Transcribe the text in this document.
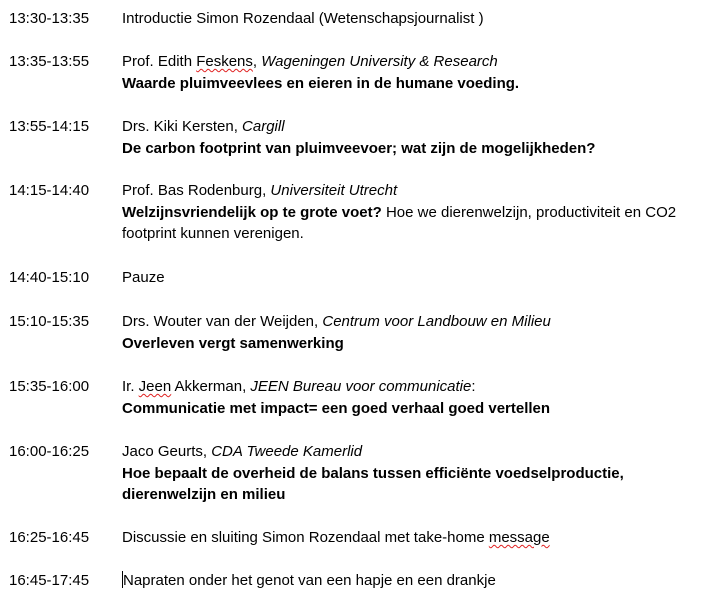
13:30-13:35 Introductie Simon Rozendaal (Wetenschapsjournalist )
13:35-13:55 Prof. Edith Feskens, Wageningen University & Research
Waarde pluimveevlees en eieren in de humane voeding.
13:55-14:15 Drs. Kiki Kersten, Cargill
De carbon footprint van pluimveevoer; wat zijn de mogelijkheden?
14:15-14:40 Prof. Bas Rodenburg, Universiteit Utrecht
Welzijnsvriendelijk op te grote voet? Hoe we dierenwelzijn, productiviteit en CO2
footprint kunnen verenigen.
14:40-15:10 Pauze
15:10-15:35 Drs. Wouter van der Weijden, Centrum voor Landbouw en Milieu
Overleven vergt samenwerking
15:35-16:00 Ir. Jeen Akkerman, JEEN Bureau voor communicatie:
Communicatie met impact= een goed verhaal goed vertellen
16:00-16:25 Jaco Geurts, CDA Tweede Kamerlid
Hoe bepaalt de overheid de balans tussen efficiënte voedselproductie,
dierenwelzijn en milieu
16:25-16:45 Discussie en sluiting Simon Rozendaal met take-home message
16:45-17:45 Napraten onder het genot van een hapje en een drankje
